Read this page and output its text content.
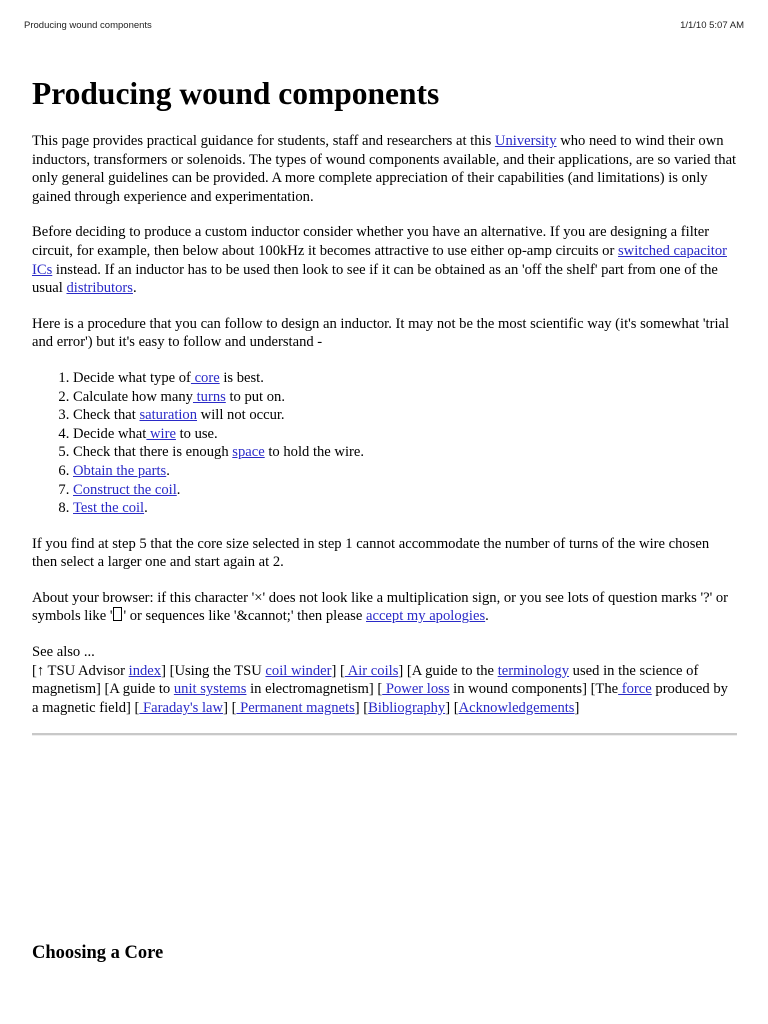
Producing wound components	1/1/10 5:07 AM
Producing wound components

This page provides practical guidance for students, staff and researchers at this University who need to wind their own inductors, transformers or solenoids. The types of wound components available, and their applications, are so varied that only general guidelines can be provided. A more complete appreciation of their capabilities (and limitations) is only gained through experience and experimentation.

Before deciding to produce a custom inductor consider whether you have an alternative. If you are designing a filter circuit, for example, then below about 100kHz it becomes attractive to use either op-amp circuits or switched capacitor ICs instead. If an inductor has to be used then look to see if it can be obtained as an 'off the shelf' part from one of the usual distributors.

Here is a procedure that you can follow to design an inductor. It may not be the most scientific way (it's somewhat 'trial and error') but it's easy to follow and understand -

1. Decide what type of core is best.
2. Calculate how many turns to put on.
3. Check that saturation will not occur.
4. Decide what wire to use.
5. Check that there is enough space to hold the wire.
6. Obtain the parts.
7. Construct the coil.
8. Test the coil.

If you find at step 5 that the core size selected in step 1 cannot accommodate the number of turns of the wire chosen then select a larger one and start again at 2.

About your browser: if this character '×' does not look like a multiplication sign, or you see lots of question marks '?' or symbols like ' ' or sequences like '&cannot;' then please accept my apologies.

See also ...

[↑ TSU Advisor index] [Using the TSU coil winder] [ Air coils] [A guide to the terminology used in the science of magnetism] [A guide to unit systems in electromagnetism] [ Power loss in wound components] [The force produced by a magnetic field] [ Faraday's law] [ Permanent magnets] [Bibliography] [Acknowledgements]

Choosing a Core
